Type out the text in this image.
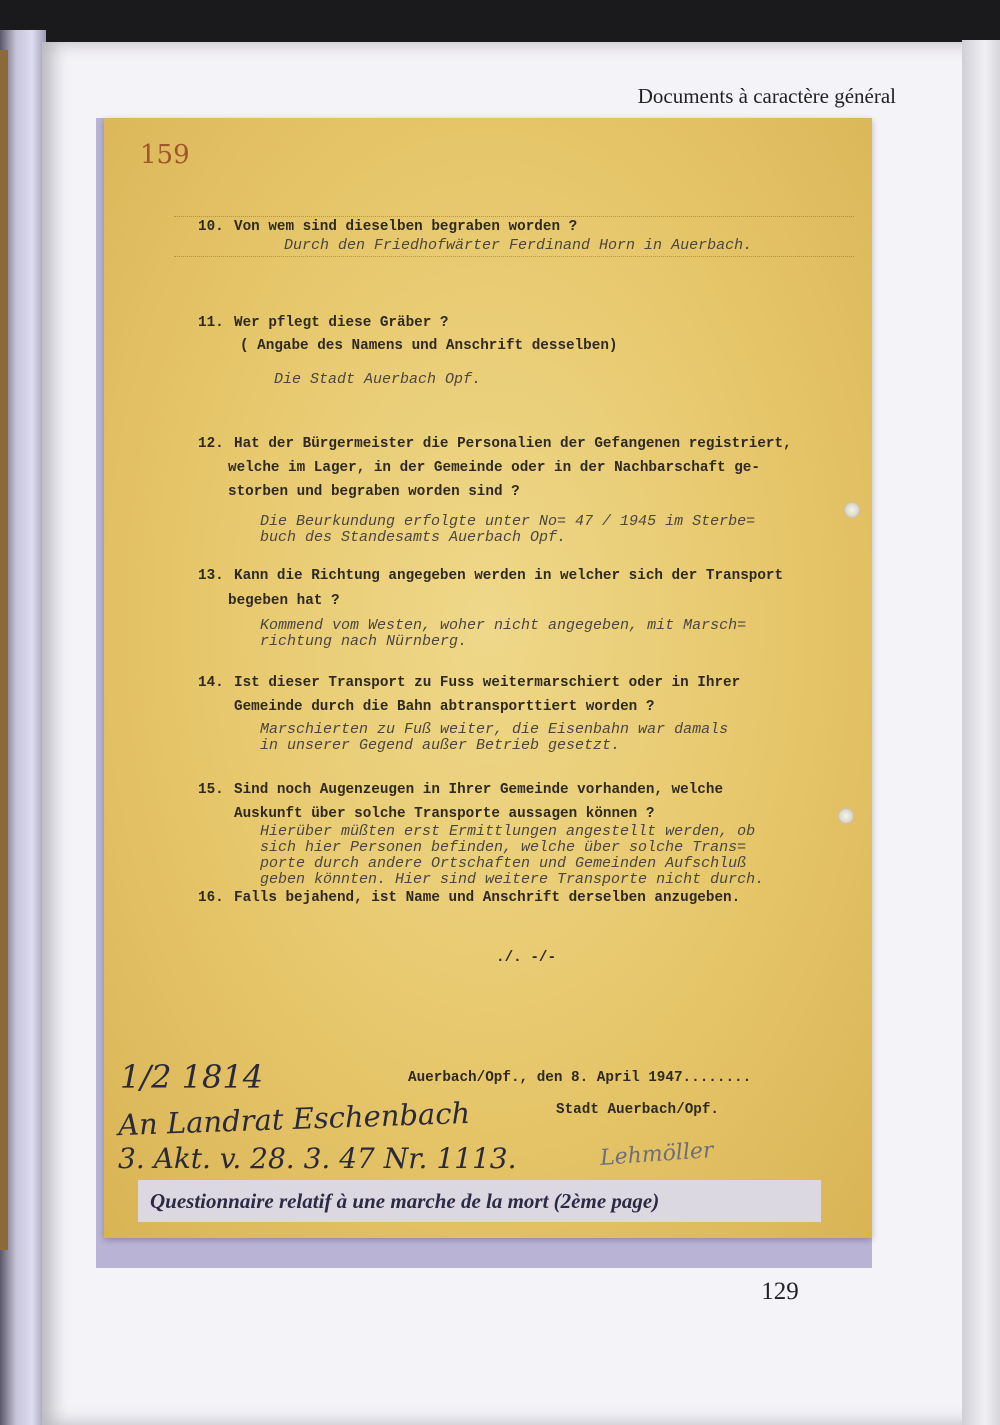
Documents à caractère général
159
10. Von wem sind dieselben begraben worden ?
Durch den Friedhofwärter Ferdinand Horn in Auerbach.
11. Wer pflegt diese Gräber ?
( Angabe des Namens und Anschrift desselben)
Die Stadt Auerbach Opf.
12. Hat der Bürgermeister die Personalien der Gefangenen registriert,
welche im Lager, in der Gemeinde oder in der Nachbarschaft ge-
storben und begraben worden sind ?
Die Beurkundung erfolgte unter No= 47 / 1945 im Sterbe=
buch des Standesamts Auerbach Opf.
13. Kann die Richtung angegeben werden in welcher sich der Transport
begeben hat ?
Kommend vom Westen, woher nicht angegeben, mit Marsch=
richtung nach Nürnberg.
14. Ist dieser Transport zu Fuss weitermarschiert oder in Ihrer
Gemeinde durch die Bahn abtransporttiert worden ?
Marschierten zu Fuß weiter, die Eisenbahn war damals
in unserer Gegend außer Betrieb gesetzt.
15. Sind noch Augenzeugen in Ihrer Gemeinde vorhanden, welche
Auskunft über solche Transporte aussagen können ?
Hierüber müßten erst Ermittlungen angestellt werden, ob
sich hier Personen befinden, welche über solche Trans=
porte durch andere Ortschaften und Gemeinden Aufschluß
geben könnten. Hier sind weitere Transporte nicht durch.
16. Falls bejahend, ist Name und Anschrift derselben anzugeben.
./. -/-
Auerbach/Opf., den 8. April 1947........
Stadt Auerbach/Opf.
1/2 1814
An Landrat Eschenbach
3. Akt. v. 28. 3. 47 Nr. 1113.	Lehmöller
Questionnaire relatif à une marche de la mort (2ème page)
129
